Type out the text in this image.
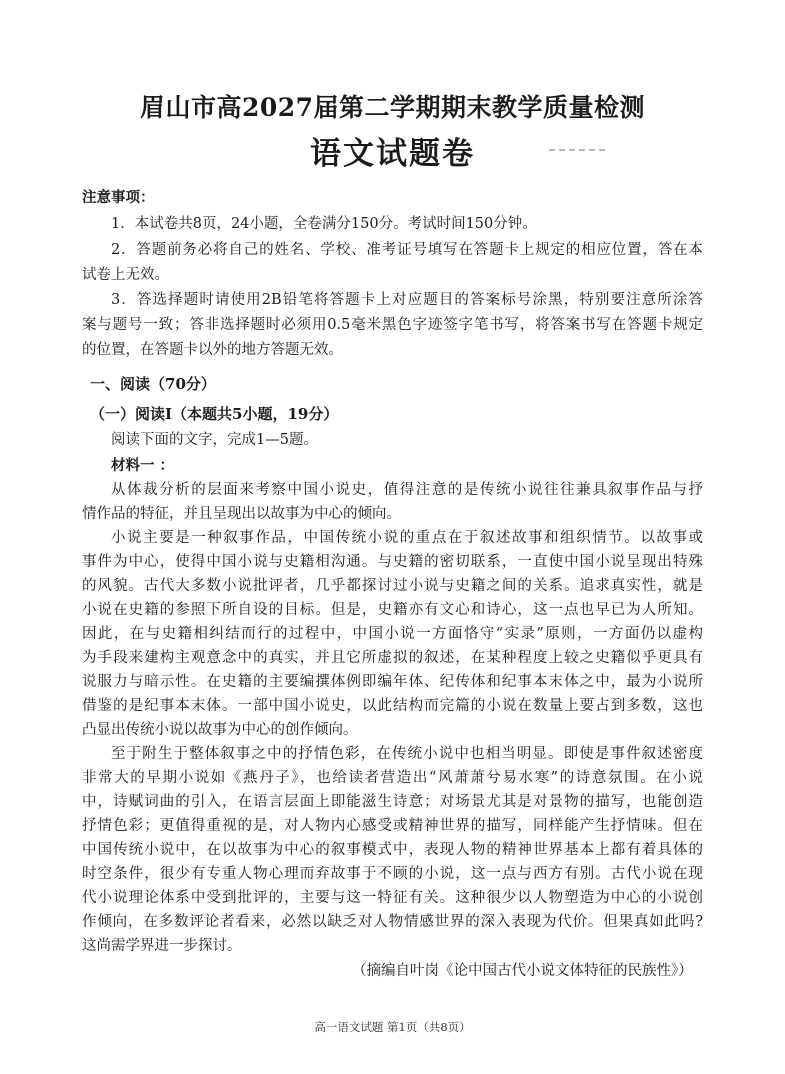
眉山市高2027届第二学期期末教学质量检测
语文试题卷
注意事项：
1．本试卷共8页，24小题，全卷满分150分。考试时间150分钟。
2．答题前务必将自己的姓名、学校、准考证号填写在答题卡上规定的相应位置，答在本
试卷上无效。
3．答选择题时请使用2B铅笔将答题卡上对应题目的答案标号涂黑，特别要注意所涂答
案与题号一致；答非选择题时必须用0.5毫米黑色字迹签字笔书写，将答案书写在答题卡规定
的位置，在答题卡以外的地方答题无效。
一、阅读（70分）
（一）阅读Ⅰ（本题共5小题，19分）
阅读下面的文字，完成1—5题。
材料一 ：
从体裁分析的层面来考察中国小说史，值得注意的是传统小说往往兼具叙事作品与抒
情作品的特征，并且呈现出以故事为中心的倾向。
小说主要是一种叙事作品，中国传统小说的重点在于叙述故事和组织情节。以故事或
事件为中心，使得中国小说与史籍相沟通。与史籍的密切联系，一直使中国小说呈现出特殊
的风貌。古代大多数小说批评者，几乎都探讨过小说与史籍之间的关系。追求真实性，就是
小说在史籍的参照下所自设的目标。但是，史籍亦有文心和诗心，这一点也早已为人所知。
因此，在与史籍相纠结而行的过程中，中国小说一方面恪守“实录”原则，一方面仍以虚构
为手段来建构主观意念中的真实，并且它所虚拟的叙述，在某种程度上较之史籍似乎更具有
说服力与暗示性。在史籍的主要编撰体例即编年体、纪传体和纪事本末体之中，最为小说所
借鉴的是纪事本末体。一部中国小说史，以此结构而完篇的小说在数量上要占到多数，这也
凸显出传统小说以故事为中心的创作倾向。
至于附生于整体叙事之中的抒情色彩，在传统小说中也相当明显。即使是事件叙述密度
非常大的早期小说如《燕丹子》，也给读者营造出“风萧萧兮易水寒”的诗意氛围。在小说
中，诗赋词曲的引入，在语言层面上即能滋生诗意；对场景尤其是对景物的描写，也能创造
抒情色彩；更值得重视的是，对人物内心感受或精神世界的描写，同样能产生抒情味。但在
中国传统小说中，在以故事为中心的叙事模式中，表现人物的精神世界基本上都有着具体的
时空条件，很少有专重人物心理而弃故事于不顾的小说，这一点与西方有别。古代小说在现
代小说理论体系中受到批评的，主要与这一特征有关。这种很少以人物塑造为中心的小说创
作倾向，在多数评论者看来，必然以缺乏对人物情感世界的深入表现为代价。但果真如此吗?
这尚需学界进一步探讨。
（摘编自叶岗《论中国古代小说文体特征的民族性》）
高一语文试题 第1页（共8页）
